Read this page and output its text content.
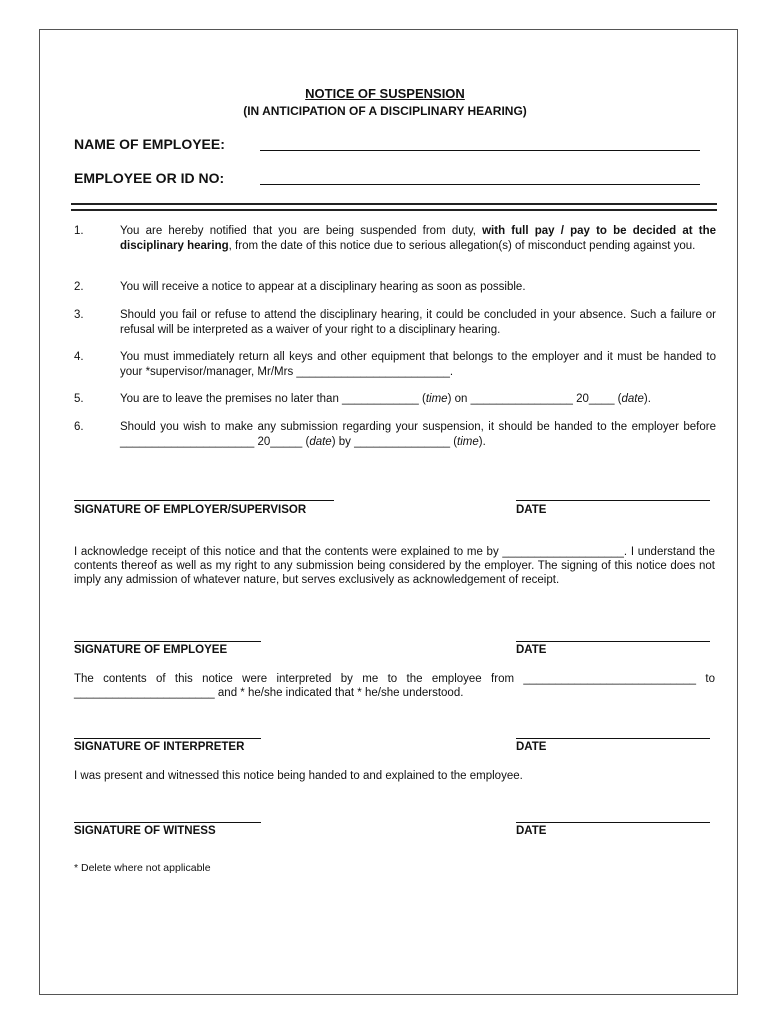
NOTICE OF SUSPENSION
(IN ANTICIPATION OF A DISCIPLINARY HEARING)
NAME OF EMPLOYEE:
EMPLOYEE OR ID NO:
1.	You are hereby notified that you are being suspended from duty, with full pay / pay to be decided at the disciplinary hearing, from the date of this notice due to serious allegation(s) of misconduct pending against you.
2.	You will receive a notice to appear at a disciplinary hearing as soon as possible.
3.	Should you fail or refuse to attend the disciplinary hearing, it could be concluded in your absence. Such a failure or refusal will be interpreted as a waiver of your right to a disciplinary hearing.
4.	You must immediately return all keys and other equipment that belongs to the employer and it must be handed to your *supervisor/manager, Mr/Mrs ________________________.
5.	You are to leave the premises no later than ____________ (time) on ________________ 20____ (date).
6.	Should you wish to make any submission regarding your suspension, it should be handed to the employer before _____________________ 20_____ (date) by _______________ (time).
SIGNATURE OF EMPLOYER/SUPERVISOR	DATE
I acknowledge receipt of this notice and that the contents were explained to me by ___________________. I understand the contents thereof as well as my right to any submission being considered by the employer. The signing of this notice does not imply any admission of whatever nature, but serves exclusively as acknowledgement of receipt.
SIGNATURE OF EMPLOYEE	DATE
The contents of this notice were interpreted by me to the employee from ___________________________ to ______________________ and * he/she indicated that * he/she understood.
SIGNATURE OF INTERPRETER	DATE
I was present and witnessed this notice being handed to and explained to the employee.
SIGNATURE OF WITNESS	DATE
* Delete where not applicable
